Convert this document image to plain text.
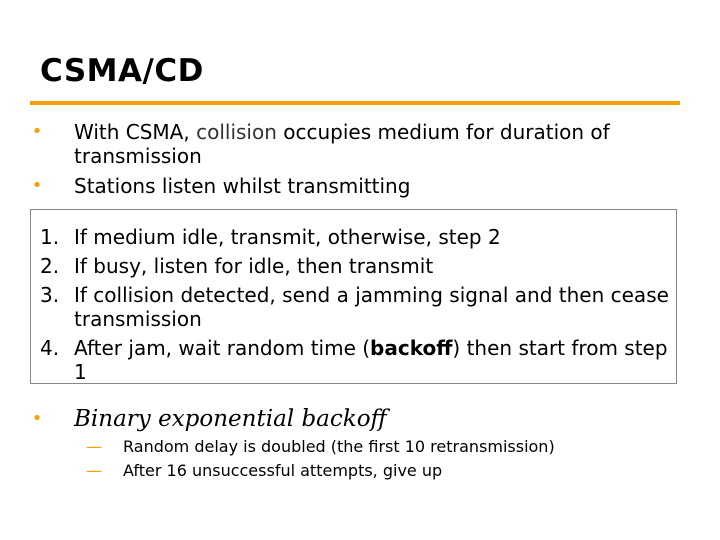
CSMA/CD
• With CSMA, collision occupies medium for duration of transmission
• Stations listen whilst transmitting
1. If medium idle, transmit, otherwise, step 2
2. If busy, listen for idle, then transmit
3. If collision detected, send a jamming signal and then cease transmission
4. After jam, wait random time (backoff) then start from step 1
• Binary exponential backoff
— Random delay is doubled (the first 10 retransmission)
— After 16 unsuccessful attempts, give up
